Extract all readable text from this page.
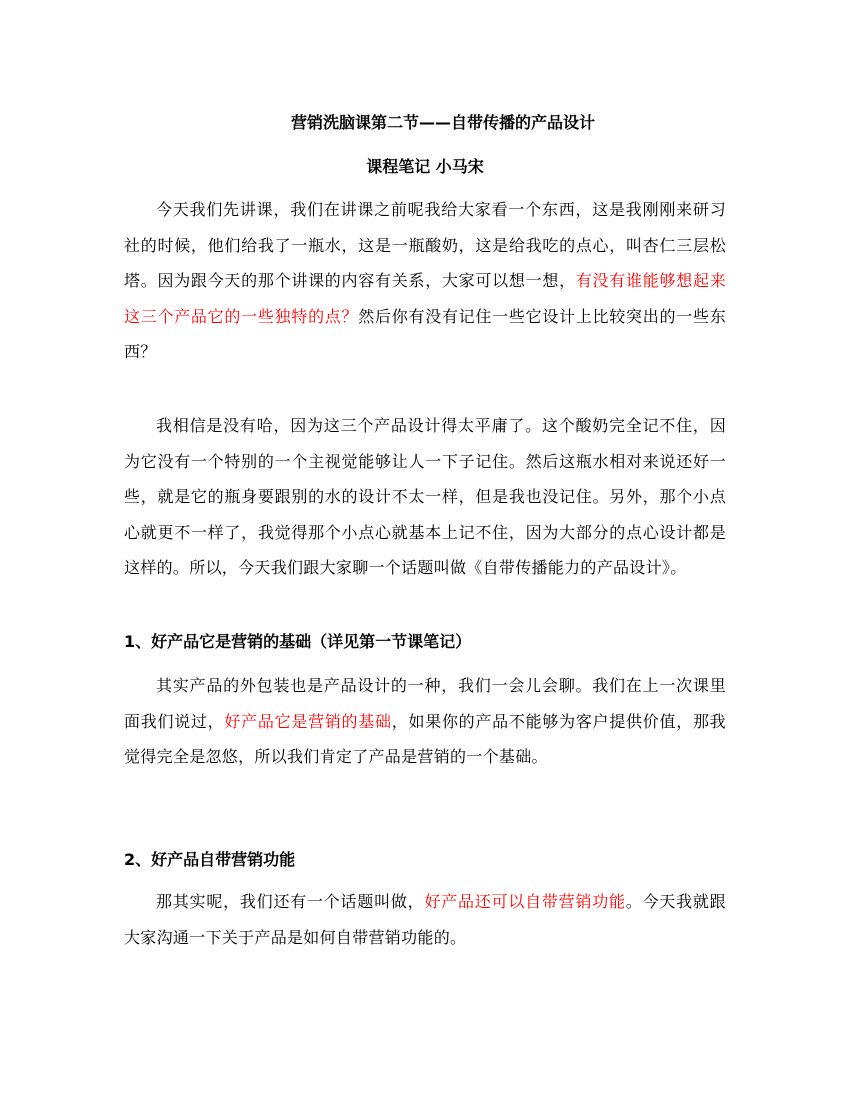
营销洗脑课第二节——自带传播的产品设计
课程笔记 小马宋

今天我们先讲课，我们在讲课之前呢我给大家看一个东西，这是我刚刚来研习社的时候，他们给我了一瓶水，这是一瓶酸奶，这是给我吃的点心，叫杏仁三层松塔。因为跟今天的那个讲课的内容有关系，大家可以想一想，有没有谁能够想起来这三个产品它的一些独特的点？然后你有没有记住一些它设计上比较突出的一些东西？

我相信是没有哈，因为这三个产品设计得太平庸了。这个酸奶完全记不住，因为它没有一个特别的一个主视觉能够让人一下子记住。然后这瓶水相对来说还好一些，就是它的瓶身要跟别的水的设计不太一样，但是我也没记住。另外，那个小点心就更不一样了，我觉得那个小点心就基本上记不住，因为大部分的点心设计都是这样的。所以，今天我们跟大家聊一个话题叫做《自带传播能力的产品设计》。

1、好产品它是营销的基础（详见第一节课笔记）

其实产品的外包装也是产品设计的一种，我们一会儿会聊。我们在上一次课里面我们说过，好产品它是营销的基础，如果你的产品不能够为客户提供价值，那我觉得完全是忽悠，所以我们肯定了产品是营销的一个基础。

2、好产品自带营销功能

那其实呢，我们还有一个话题叫做，好产品还可以自带营销功能。今天我就跟大家沟通一下关于产品是如何自带营销功能的。
